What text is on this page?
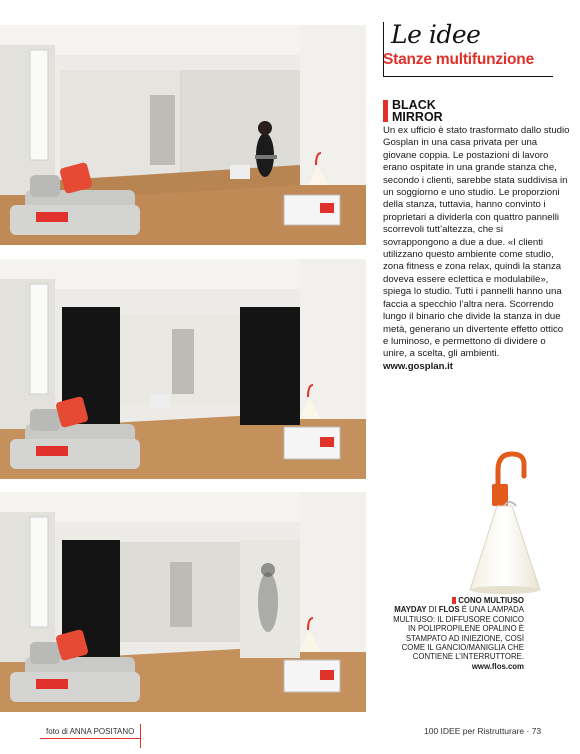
Le idee
Stanze multifunzione
BLACK
MIRROR

Un ex ufficio è stato trasformato dallo studio Gosplan in una casa privata per una giovane coppia. Le postazioni di lavoro erano ospitate in una grande stanza che, secondo i clienti, sarebbe stata suddivisa in un soggiorno e uno studio. Le proporzioni della stanza, tuttavia, hanno convinto i proprietari a dividerla con quattro pannelli scorrevoli tutt’altezza, che si sovrappongono a due a due. «I clienti utilizzano questo ambiente come studio, zona fitness e zona relax, quindi la stanza doveva essere eclettica e modulabile», spiega lo studio. Tutti i pannelli hanno una faccia a specchio l’altra nera. Scorrendo lungo il binario che divide la stanza in due metà, generano un divertente effetto ottico e luminoso, e permettono di dividere o unire, a scelta, gli ambienti.

www.gosplan.it

CONO MULTIUSO
MAYDAY DI FLOS È UNA LAMPADA MULTIUSO: IL DIFFUSORE CONICO IN POLIPROPILENE OPALINO È STAMPATO AD INIEZIONE, COSÌ COME IL GANCIO/MANIGLIA CHE CONTIENE L’INTERRUTTORE.
www.flos.com
foto di ANNA POSITANO	100 IDEE per Ristrutturare · 73
